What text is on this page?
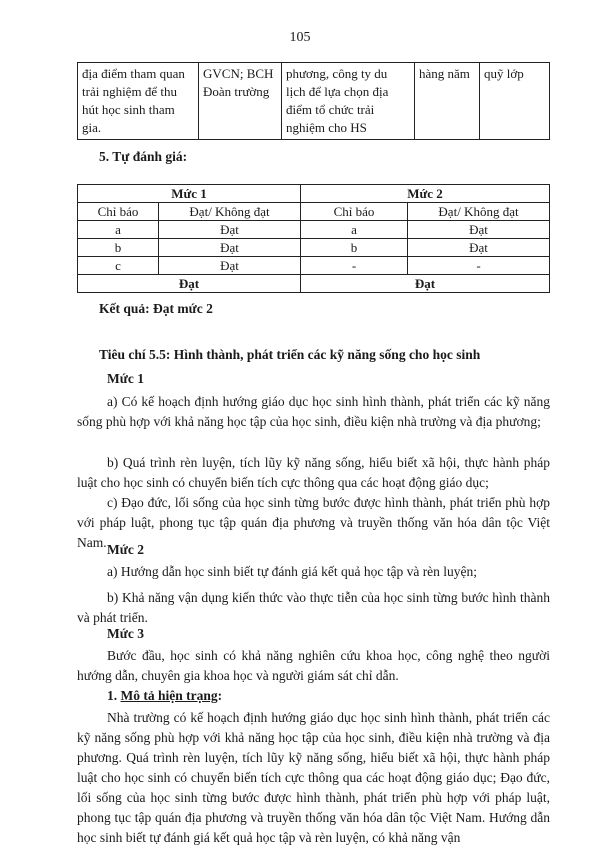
105
địa điểm tham quan trải nghiệm để thu hút học sinh tham gia.	GVCN; BCH Đoàn trường	phương, công ty du lịch để lựa chọn địa điểm tổ chức trải nghiệm cho HS	hàng năm	quỹ lớp
5. Tự đánh giá:
Mức 1		Mức 2	
Chỉ báo	Đạt/ Không đạt	Chỉ báo	Đạt/ Không đạt
a	Đạt	a	Đạt
b	Đạt	b	Đạt
c	Đạt	-	-
Đạt		Đạt	
Kết quả: Đạt mức 2
Tiêu chí 5.5: Hình thành, phát triển các kỹ năng sống cho học sinh
Mức 1
a) Có kế hoạch định hướng giáo dục học sinh hình thành, phát triển các kỹ năng sống phù hợp với khả năng học tập của học sinh, điều kiện nhà trường và địa phương;
b) Quá trình rèn luyện, tích lũy kỹ năng sống, hiểu biết xã hội, thực hành pháp luật cho học sinh có chuyển biến tích cực thông qua các hoạt động giáo dục;
c) Đạo đức, lối sống của học sinh từng bước được hình thành, phát triển phù hợp với pháp luật, phong tục tập quán địa phương và truyền thống văn hóa dân tộc Việt Nam. Mức 2
a) Hướng dẫn học sinh biết tự đánh giá kết quả học tập và rèn luyện;
b) Khả năng vận dụng kiến thức vào thực tiễn của học sinh từng bước hình thành và phát triển.
Mức 3
Bước đầu, học sinh có khả năng nghiên cứu khoa học, công nghệ theo người hướng dẫn, chuyên gia khoa học và người giám sát chỉ dẫn.
1. Mô tả hiện trạng:
Nhà trường có kế hoạch định hướng giáo dục học sinh hình thành, phát triển các kỹ năng sống phù hợp với khả năng học tập của học sinh, điều kiện nhà trường và địa phương. Quá trình rèn luyện, tích lũy kỹ năng sống, hiểu biết xã hội, thực hành pháp luật cho học sinh có chuyển biến tích cực thông qua các hoạt động giáo dục; Đạo đức, lối sống của học sinh từng bước được hình thành, phát triển phù hợp với pháp luật, phong tục tập quán địa phương và truyền thống văn hóa dân tộc Việt Nam. Hướng dẫn học sinh biết tự đánh giá kết quả học tập và rèn luyện, có khả năng vận
